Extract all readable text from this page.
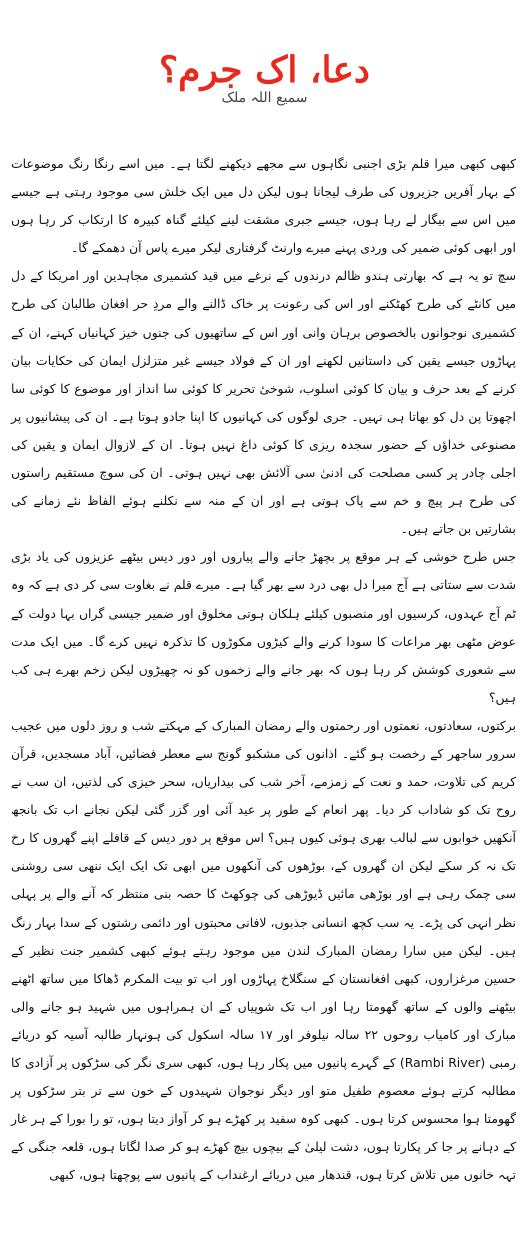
دعا، اک جرم؟
سمیع اللہ ملک

کبھی کبھی میرا قلم بڑی اجنبی نگاہوں سے مجھے دیکھنے لگتا ہے۔ میں اسے رنگا رنگ موضوعات کے بہار آفریں جزیروں کی طرف لیجانا ہوں لیکن دل میں ایک خلش سی موجود رہتی ہے جیسے میں اس سے بیگار لے رہا ہوں، جیسے جبری مشقت لینے کیلئے گناہ کبیرہ کا ارتکاب کر رہا ہوں اور ابھی کوئی ضمیر کی وردی پہنے میرے وارنٹ گرفتاری لیکر میرے پاس آن دھمکے گا۔

سچ تو یہ ہے کہ بھارتی ہندو ظالم درندوں کے نرغے میں قید کشمیری مجاہدین اور امریکا کے دل میں کانٹے کی طرح کھٹکنے اور اس کی رعونت پر خاک ڈالنے والے مردِ حر افغان طالبان کی طرح کشمیری نوجوانوں بالخصوص برہان وانی اور اس کے ساتھیوں کی جنوں خیز کہانیاں کہنے، ان کے پہاڑوں جیسے یقین کی داستانیں لکھنے اور ان کے فولاد جیسے غیر متزلزل ایمان کی حکایات بیان کرنے کے بعد حرف و بیان کا کوئی اسلوب، شوخیٔ تحریر کا کوئی سا انداز اور موضوع کا کوئی سا اچھوتا پن دل کو بھاتا ہی نہیں۔ جری لوگوں کی کہانیوں کا اپنا جادو ہوتا ہے۔ ان کی پیشانیوں پر مصنوعی خداؤں کے حضور سجدہ ریزی کا کوئی داغ نہیں ہوتا۔ ان کے لازوال ایمان و یقین کی اجلی چادر پر کسی مصلحت کی ادنیٰ سی آلائش بھی نہیں ہوتی۔ ان کی سوچ مستقیم راستوں کی طرح ہر پیچ و خم سے پاک ہوتی ہے اور ان کے منہ سے نکلنے ہوئے الفاظ نئے زمانے کی بشارتیں بن جاتے ہیں۔

جس طرح خوشی کے ہر موقع پر بچھڑ جانے والے پیاروں اور دور دیس بیٹھے عزیزوں کی یاد بڑی شدت سے ستاتی ہے آج میرا دل بھی درد سے بھر گیا ہے۔ میرے قلم نے بغاوت سی کر دی ہے کہ وہ ٹم آج عہدوں، کرسیوں اور منصبوں کیلئے ہلکان ہوتی مخلوق اور ضمیر جیسی گراں بہا دولت کے عوض مٹھی بھر مراعات کا سودا کرنے والے کیڑوں مکوڑوں کا تذکرہ نہیں کرے گا۔ میں ایک مدت سے شعوری کوشش کر رہا ہوں کہ بھر جانے والے زخموں کو نہ چھیڑوں لیکن زخم بھرے ہی کب ہیں؟

برکتوں، سعادتوں، نعمتوں اور رحمتوں والے رمضان المبارک کے مہکتے شب و روز دلوں میں عجیب سرور ساجھر کے رخصت ہو گئے۔ اذانوں کی مشکبو گونج سے معطر فضائیں، آباد مسجدیں، قرآن کریم کی تلاوت، حمد و نعت کے زمزمے، آخر شب کی بیداریاں، سحر خیزی کی لذتیں، ان سب نے روح تک کو شاداب کر دیا۔ پھر انعام کے طور پر عید آئی اور گزر گئی لیکن نجانے اب تک بانجھ آنکھیں خوابوں سے لبالب بھری ہوئی کیوں ہیں؟ اس موقع پر دور دیس کے قافلے اپنے گھروں کا رخ تک نہ کر سکے لیکن ان گھروں کے، بوڑھوں کی آنکھوں میں ابھی تک ایک ایک ننھی سی روشنی سی چمک رہی ہے اور بوڑھی مائیں ڈیوڑھی کی چوکھٹ کا حصہ بنی منتظر کہ آنے والے پر پہلی نظر انہی کی پڑے۔ یہ سب کچھ انسانی جذبوں، لافانی محبتوں اور دائمی رشتوں کے سدا بہار رنگ ہیں۔ لیکن میں سارا رمضان المبارک لندن میں موجود رہتے ہوئے کبھی کشمیر جنت نظیر کے حسین مرغزاروں، کبھی افغانستان کے سنگلاخ پہاڑوں اور اب تو بیت المکرم ڈھاکا میں ساتھ اٹھنے بیٹھنے والوں کے ساتھ گھومتا رہا اور اب تک شوپیاں کے ان ہمراہوں میں شہید ہو جانے والی مبارک اور کامیاب روحوں ۲۲ سالہ نیلوفر اور ۱۷ سالہ اسکول کی ہونہار طالبہ آسیہ کو دریائے رمبی (Rambi River) کے گہرے پانیوں میں پکار رہا ہوں، کبھی سری نگر کی سڑکوں پر آزادی کا مطالبہ کرتے ہوئے معصوم طفیل متو اور دیگر نوجوان شہیدوں کے خون سے تر بتر سڑکوں پر گھومتا ہوا محسوس کرتا ہوں۔ کبھی کوہ سفید پر کھڑے ہو کر آواز دیتا ہوں، تو را بورا کے ہر غار کے دہانے پر جا کر پکارتا ہوں، دشت لیلیٰ کے بیچوں بیچ کھڑے ہو کر صدا لگاتا ہوں، قلعہ جنگی کے تہہ خانوں میں تلاش کرتا ہوں، قندھار میں دریائے ارغنداب کے پانیوں سے پوچھتا ہوں، کبھی
